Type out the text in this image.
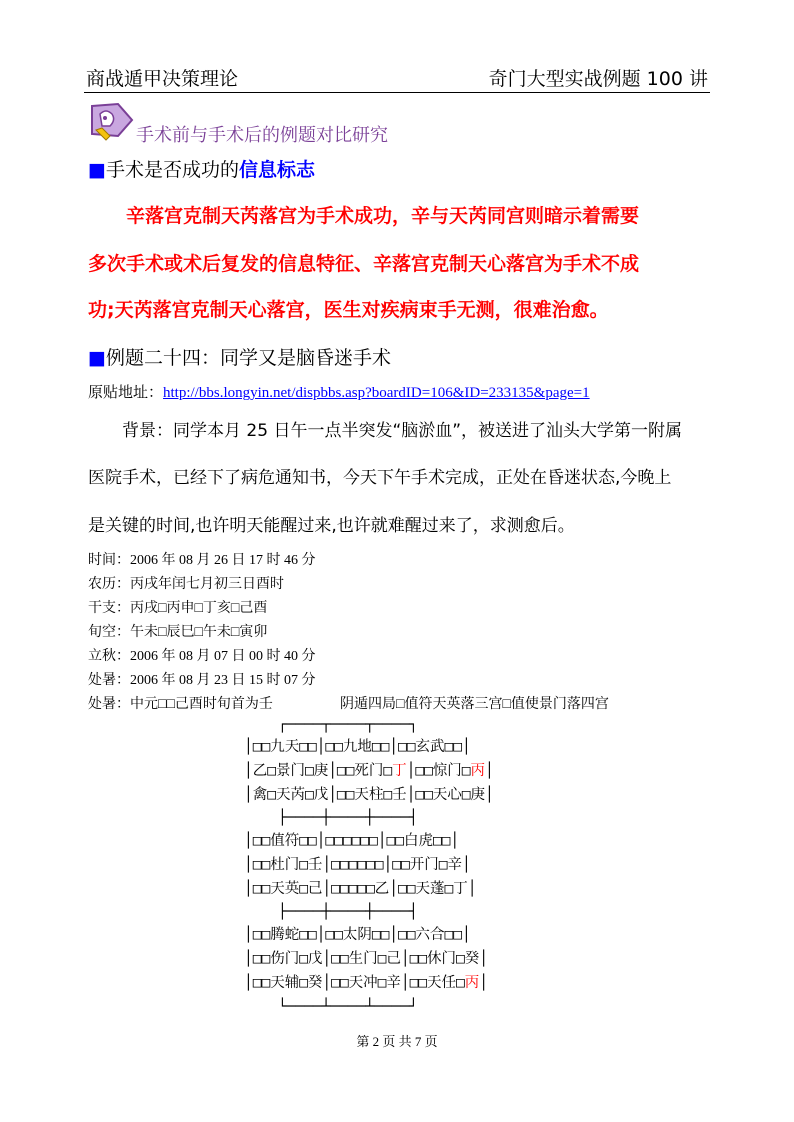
商战遁甲决策理论	奇门大型实战例题 100 讲
手术前与手术后的例题对比研究
■手术是否成功的信息标志
辛落宫克制天芮落宫为手术成功，辛与天芮同宫则暗示着需要
多次手术或术后复发的信息特征、辛落宫克制天心落宫为手术不成
功;天芮落宫克制天心落宫，医生对疾病束手无测，很难治愈。
■例题二十四：同学又是脑昏迷手术
原贴地址：http://bbs.longyin.net/dispbbs.asp?boardID=106&ID=233135&page=1
背景：同学本月 25 日午一点半突发“脑淤血”，被送进了汕头大学第一附属
医院手术，已经下了病危通知书，今天下午手术完成，正处在昏迷状态,今晚上
是关键的时间,也许明天能醒过来,也许就难醒过来了，求测愈后。
时间：2006 年 08 月 26 日 17 时 46 分
农历：丙戌年闰七月初三日酉时
干支：丙戌□丙申□丁亥□己酉
旬空：午未□辰巳□午未□寅卯
立秋：2006 年 08 月 07 日 00 时 40 分
处暑：2006 年 08 月 23 日 15 时 07 分
处暑：中元□□己酉时旬首为壬	阴遁四局□值符天英落三宫□值使景门落四宫
┌────┬────┬────┐
│□□九天□□│□□九地□□│□□玄武□□│
│乙□景门□庚│□□死门□丁│□□惊门□丙│
│禽□天芮□戊│□□天柱□壬│□□天心□庚│
├────┼────┼────┤
│□□值符□□│□□□□□□│□□白虎□□│
│□□杜门□壬│□□□□□□│□□开门□辛│
│□□天英□己│□□□□□乙│□□天蓬□丁│
├────┼────┼────┤
│□□腾蛇□□│□□太阴□□│□□六合□□│
│□□伤门□戊│□□生门□己│□□休门□癸│
│□□天辅□癸│□□天冲□辛│□□天任□丙│
└────┴────┴────┘
第 2 页 共 7 页
